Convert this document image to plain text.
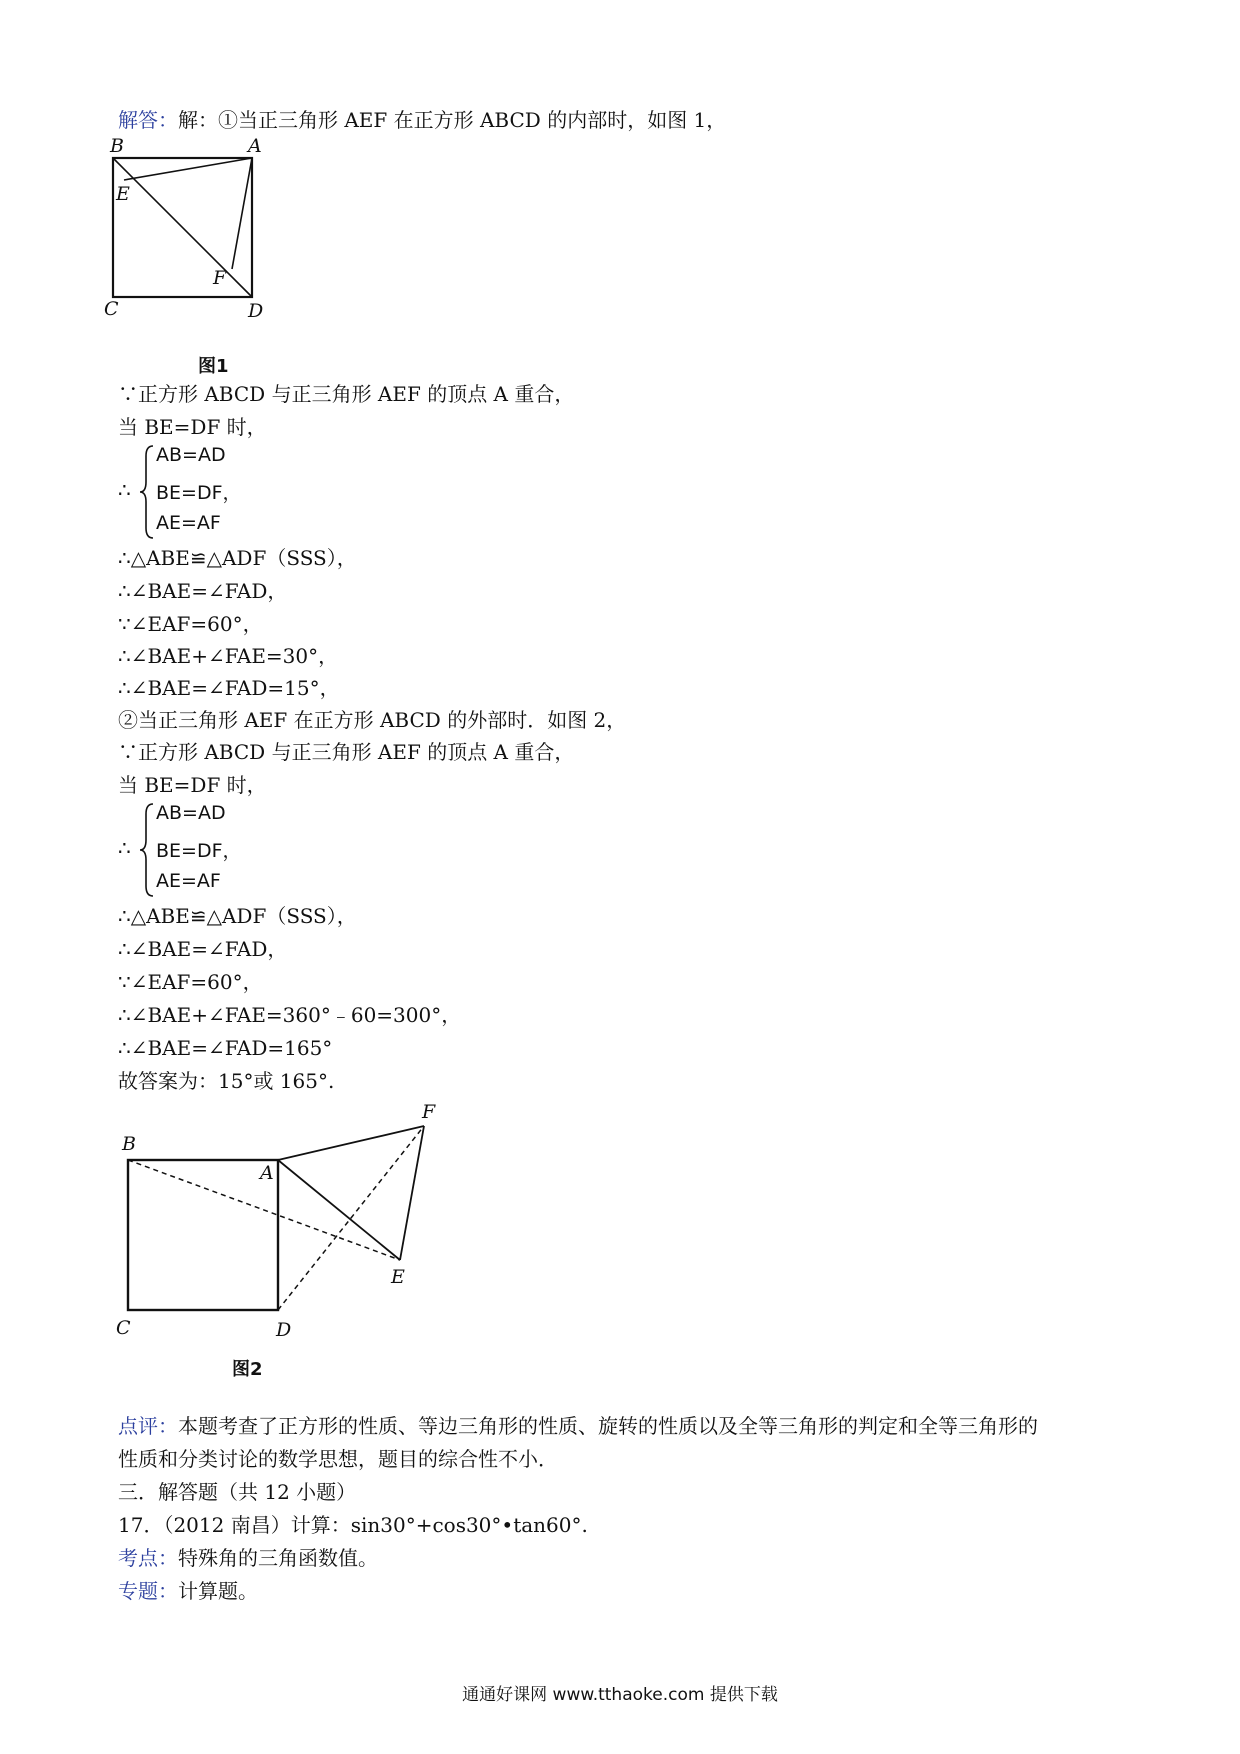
解答：解：①当正三角形 AEF 在正方形 ABCD 的内部时，如图 1，
B	A
E
F
C	D
图1
∵正方形 ABCD 与正三角形 AEF 的顶点 A 重合，
当 BE=DF 时，
∴
AB=AD
BE=DF，
AE=AF
∴△ABE≌△ADF（SSS），
∴∠BAE=∠FAD，
∵∠EAF=60°，
∴∠BAE+∠FAE=30°，
∴∠BAE=∠FAD=15°，
②当正三角形 AEF 在正方形 ABCD 的外部时．如图 2，
∵正方形 ABCD 与正三角形 AEF 的顶点 A 重合，
当 BE=DF 时，
∴
AB=AD
BE=DF，
AE=AF
∴△ABE≌△ADF（SSS），
∴∠BAE=∠FAD，
∵∠EAF=60°，
∴∠BAE+∠FAE=360°﹣60=300°，
∴∠BAE=∠FAD=165°
故答案为：15°或 165°.
F
B
A
E
C	D
图2
点评：本题考查了正方形的性质、等边三角形的性质、旋转的性质以及全等三角形的判定和全等三角形的
性质和分类讨论的数学思想，题目的综合性不小．
三．解答题（共 12 小题）
17．（2012 南昌）计算：sin30°+cos30°•tan60°.
考点：特殊角的三角函数值。
专题：计算题。
通通好课网 www.tthaoke.com 提供下载
